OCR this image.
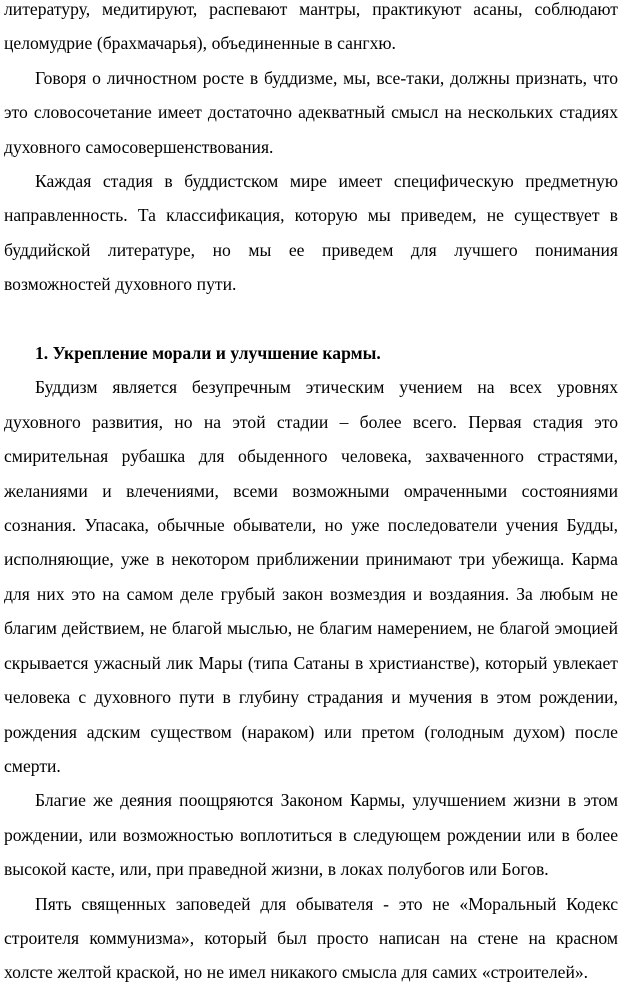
литературу, медитируют, распевают мантры, практикуют асаны, соблюдают целомудрие (брахмачарья), объединенные в сангхю.

Говоря о личностном росте в буддизме, мы, все-таки, должны признать, что это словосочетание имеет достаточно адекватный смысл на нескольких стадиях духовного самосовершенствования.

Каждая стадия в буддистском мире имеет специфическую предметную направленность. Та классификация, которую мы приведем, не существует в буддийской литературе, но мы ее приведем для лучшего понимания возможностей духовного пути.

1. Укрепление морали и улучшение кармы.

Буддизм является безупречным этическим учением на всех уровнях духовного развития, но на этой стадии – более всего. Первая стадия это смирительная рубашка для обыденного человека, захваченного страстями, желаниями и влечениями, всеми возможными омраченными состояниями сознания. Упасака, обычные обыватели, но уже последователи учения Будды, исполняющие, уже в некотором приближении принимают три убежища. Карма для них это на самом деле грубый закон возмездия и воздаяния. За любым не благим действием, не благой мыслью, не благим намерением, не благой эмоцией скрывается ужасный лик Мары (типа Сатаны в христианстве), который увлекает человека с духовного пути в глубину страдания и мучения в этом рождении, рождения адским существом (нараком) или претом (голодным духом) после смерти.

Благие же деяния поощряются Законом Кармы, улучшением жизни в этом рождении, или возможностью воплотиться в следующем рождении или в более высокой касте, или, при праведной жизни, в локах полубогов или Богов.

Пять священных заповедей для обывателя - это не «Моральный Кодекс строителя коммунизма», который был просто написан на стене на красном холсте желтой краской, но не имел никакого смысла для самих «строителей».
